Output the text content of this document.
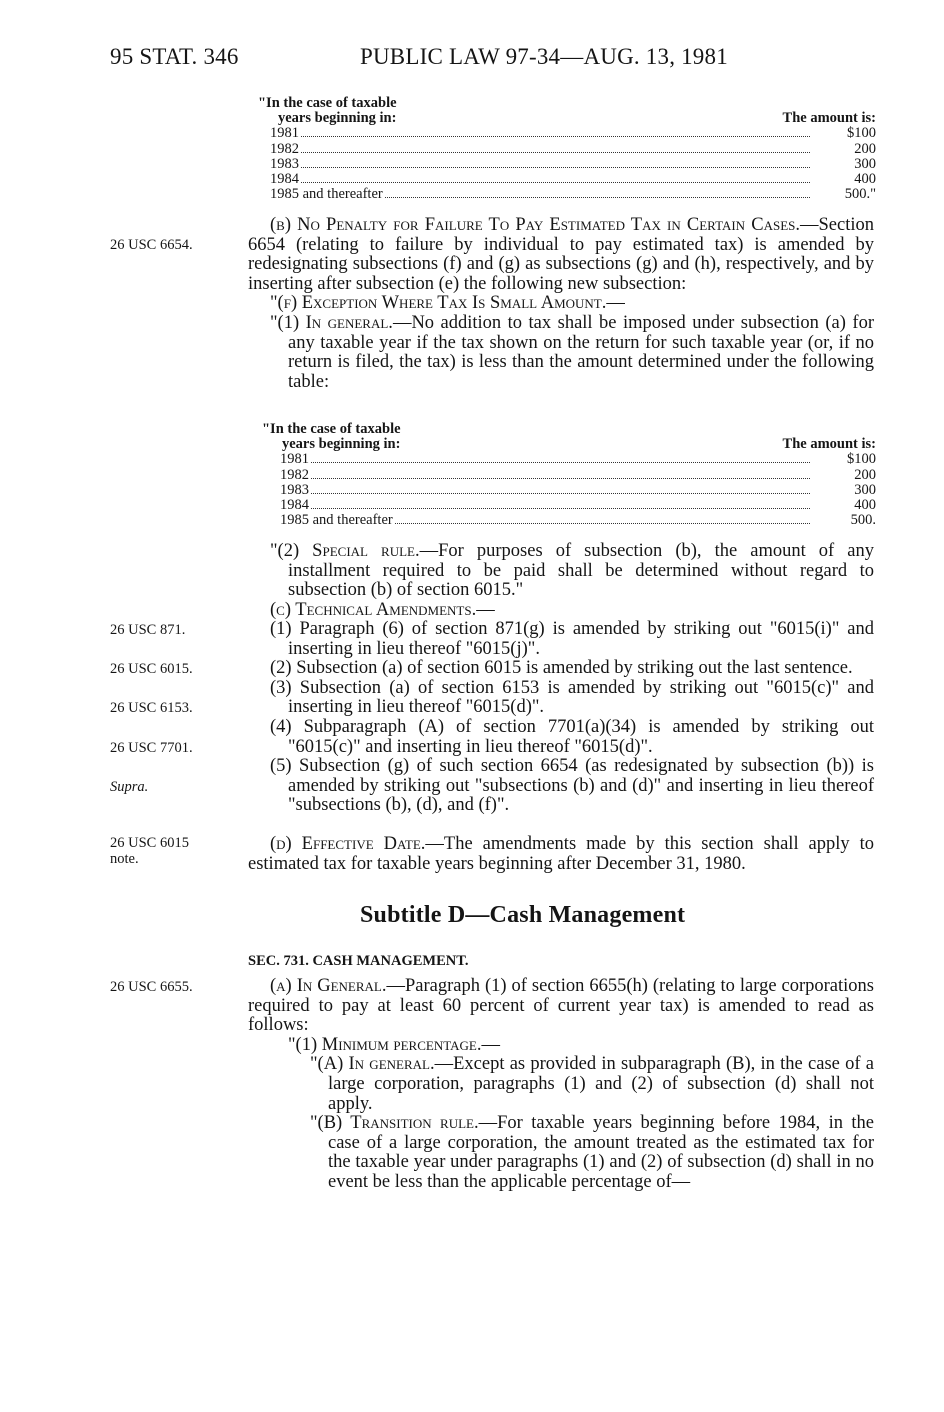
95 STAT. 346	PUBLIC LAW 97-34—AUG. 13, 1981
"In the case of taxable
years beginning in:	The amount is:
1981	$100
1982	200
1983	300
1984	400
1985 and thereafter	500."
26 USC 6654.

(b) No Penalty for Failure To Pay Estimated Tax in Certain Cases.—Section 6654 (relating to failure by individual to pay estimated tax) is amended by redesignating subsections (f) and (g) as subsections (g) and (h), respectively, and by inserting after subsection (e) the following new subsection:

"(f) Exception Where Tax Is Small Amount.—

"(1) In general.—No addition to tax shall be imposed under subsection (a) for any taxable year if the tax shown on the return for such taxable year (or, if no return is filed, the tax) is less than the amount determined under the following table:

"In the case of taxable
years beginning in:	The amount is:
1981	$100
1982	200
1983	300
1984	400
1985 and thereafter	500.

"(2) Special rule.—For purposes of subsection (b), the amount of any installment required to be paid shall be determined without regard to subsection (b) of section 6015."

(c) Technical Amendments.—

26 USC 871.
26 USC 6015.
26 USC 6153.
26 USC 7701.
Supra.

(1) Paragraph (6) of section 871(g) is amended by striking out "6015(i)" and inserting in lieu thereof "6015(j)".

(2) Subsection (a) of section 6015 is amended by striking out the last sentence.

(3) Subsection (a) of section 6153 is amended by striking out "6015(c)" and inserting in lieu thereof "6015(d)".

(4) Subparagraph (A) of section 7701(a)(34) is amended by striking out "6015(c)" and inserting in lieu thereof "6015(d)".

(5) Subsection (g) of such section 6654 (as redesignated by subsection (b)) is amended by striking out "subsections (b) and (d)" and inserting in lieu thereof "subsections (b), (d), and (f)".

26 USC 6015
note.

(d) Effective Date.—The amendments made by this section shall apply to estimated tax for taxable years beginning after December 31, 1980.

Subtitle D—Cash Management
SEC. 731. CASH MANAGEMENT.
26 USC 6655.	(a) In General.—Paragraph (1) of section 6655(h) (relating to large corporations required to pay at least 60 percent of current year tax) is amended to read as follows:

"(1) Minimum percentage.—

"(A) In general.—Except as provided in subparagraph (B), in the case of a large corporation, paragraphs (1) and (2) of subsection (d) shall not apply.

"(B) Transition rule.—For taxable years beginning before 1984, in the case of a large corporation, the amount treated as the estimated tax for the taxable year under paragraphs (1) and (2) of subsection (d) shall in no event be less than the applicable percentage of—
